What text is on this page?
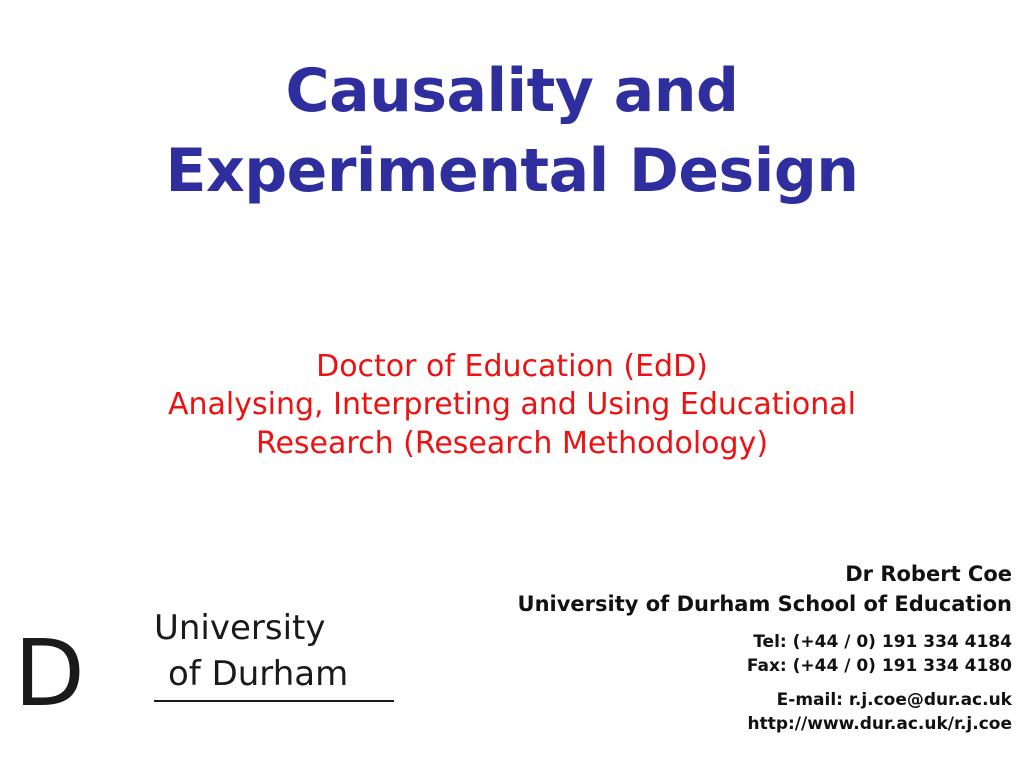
Causality and
Experimental Design
Doctor of Education (EdD)
Analysing, Interpreting and Using Educational
Research (Research Methodology)
D University
of Durham
Dr Robert Coe
University of Durham School of Education
Tel: (+44 / 0) 191 334 4184
Fax: (+44 / 0) 191 334 4180
E-mail: r.j.coe@dur.ac.uk
http://www.dur.ac.uk/r.j.coe
